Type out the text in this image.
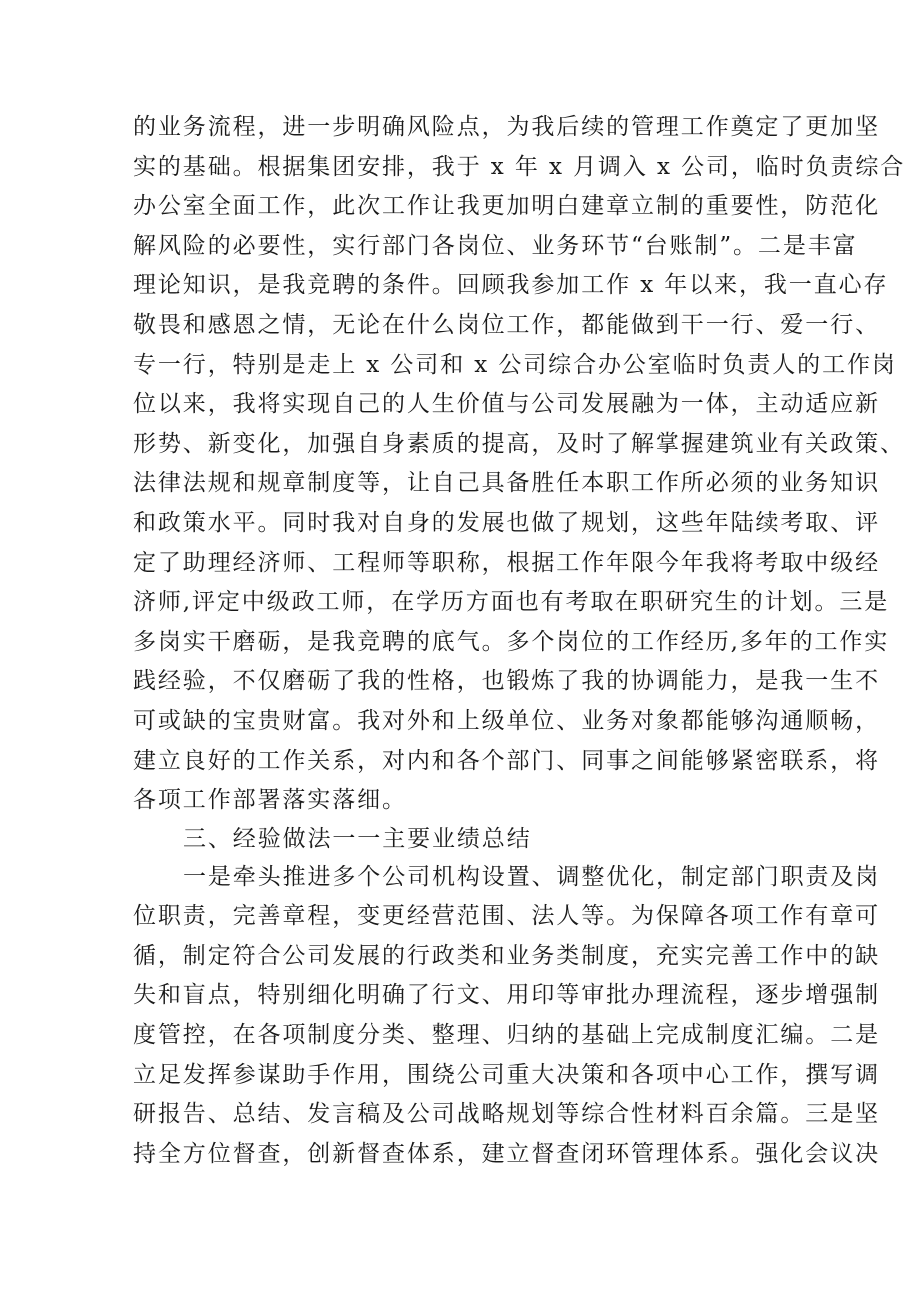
的业务流程，进一步明确风险点，为我后续的管理工作奠定了更加坚
实的基础。根据集团安排，我于 x 年 x 月调入 x 公司，临时负责综合
办公室全面工作，此次工作让我更加明白建章立制的重要性，防范化
解风险的必要性，实行部门各岗位、业务环节“台账制”。二是丰富
理论知识，是我竞聘的条件。回顾我参加工作 x 年以来，我一直心存
敬畏和感恩之情，无论在什么岗位工作，都能做到干一行、爱一行、
专一行，特别是走上 x 公司和 x 公司综合办公室临时负责人的工作岗
位以来，我将实现自己的人生价值与公司发展融为一体，主动适应新
形势、新变化，加强自身素质的提高，及时了解掌握建筑业有关政策、
法律法规和规章制度等，让自己具备胜任本职工作所必须的业务知识
和政策水平。同时我对自身的发展也做了规划，这些年陆续考取、评
定了助理经济师、工程师等职称，根据工作年限今年我将考取中级经
济师,评定中级政工师，在学历方面也有考取在职研究生的计划。三是
多岗实干磨砺，是我竞聘的底气。多个岗位的工作经历,多年的工作实
践经验，不仅磨砺了我的性格，也锻炼了我的协调能力，是我一生不
可或缺的宝贵财富。我对外和上级单位、业务对象都能够沟通顺畅，
建立良好的工作关系，对内和各个部门、同事之间能够紧密联系，将
各项工作部署落实落细。
三、经验做法一一主要业绩总结
一是牵头推进多个公司机构设置、调整优化，制定部门职责及岗
位职责，完善章程，变更经营范围、法人等。为保障各项工作有章可
循，制定符合公司发展的行政类和业务类制度，充实完善工作中的缺
失和盲点，特别细化明确了行文、用印等审批办理流程，逐步增强制
度管控，在各项制度分类、整理、归纳的基础上完成制度汇编。二是
立足发挥参谋助手作用，围绕公司重大决策和各项中心工作，撰写调
研报告、总结、发言稿及公司战略规划等综合性材料百余篇。三是坚
持全方位督查，创新督查体系，建立督查闭环管理体系。强化会议决
